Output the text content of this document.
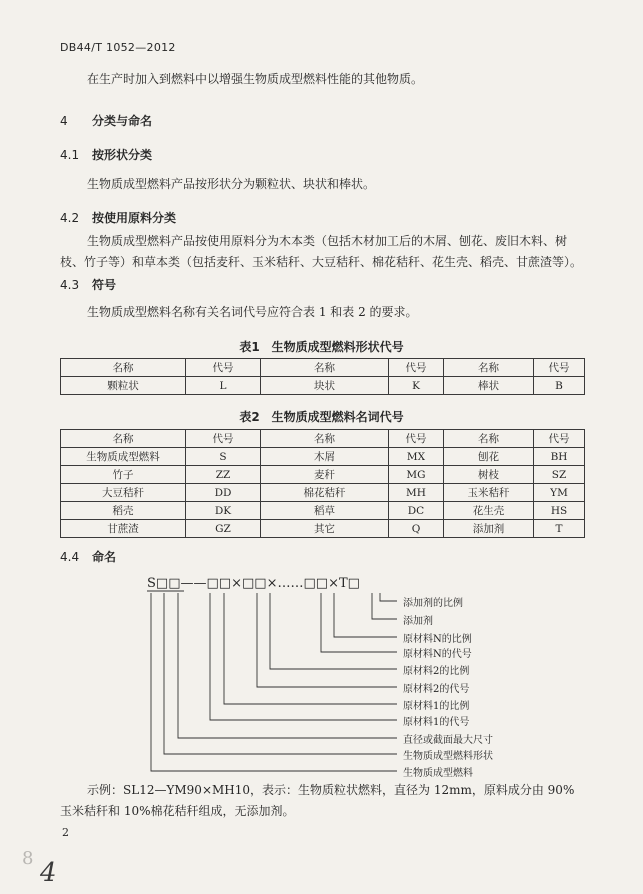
DB44/T 1052—2012
在生产时加入到燃料中以增强生物质成型燃料性能的其他物质。
4 分类与命名
4.1 按形状分类
生物质成型燃料产品按形状分为颗粒状、块状和棒状。
4.2 按使用原料分类
生物质成型燃料产品按使用原料分为木本类（包括木材加工后的木屑、刨花、废旧木料、树枝、竹子等）和草本类（包括麦秆、玉米秸秆、大豆秸秆、棉花秸秆、花生壳、稻壳、甘蔗渣等）。
4.3 符号
生物质成型燃料名称有关名词代号应符合表 1 和表 2 的要求。
表1　生物质成型燃料形状代号
名称	代号	名称	代号	名称	代号
颗粒状	L	块状	K	棒状	B
表2　生物质成型燃料名词代号
名称	代号	名称	代号	名称	代号
生物质成型燃料	S	木屑	MX	刨花	BH
竹子	ZZ	麦秆	MG	树枝	SZ
大豆秸秆	DD	棉花秸秆	MH	玉米秸秆	YM
稻壳	DK	稻草	DC	花生壳	HS
甘蔗渣	GZ	其它	Q	添加剂	T
4.4 命名
S□□——□□×□□×……□□×T□
添加剂的比例
添加剂
原材料N的比例
原材料N的代号
原材料2的比例
原材料2的代号
原材料1的比例
原材料1的代号
直径或截面最大尺寸
生物质成型燃料形状
生物质成型燃料
示例：SL12—YM90×MH10，表示：生物质粒状燃料，直径为 12mm，原料成分由 90%玉米秸秆和 10%棉花秸秆组成，无添加剂。
2
8 4
